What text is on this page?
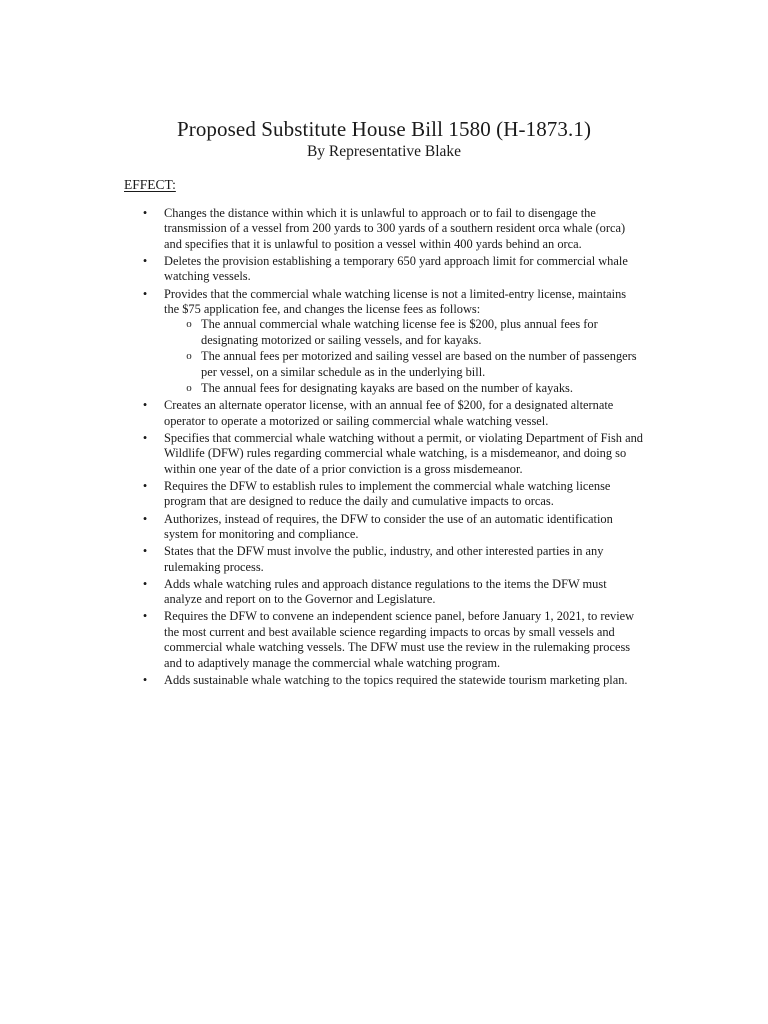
Proposed Substitute House Bill 1580 (H-1873.1)
By Representative Blake
EFFECT:
• Changes the distance within which it is unlawful to approach or to fail to disengage the transmission of a vessel from 200 yards to 300 yards of a southern resident orca whale (orca) and specifies that it is unlawful to position a vessel within 400 yards behind an orca.
• Deletes the provision establishing a temporary 650 yard approach limit for commercial whale watching vessels.
• Provides that the commercial whale watching license is not a limited-entry license, maintains the $75 application fee, and changes the license fees as follows:
o The annual commercial whale watching license fee is $200, plus annual fees for designating motorized or sailing vessels, and for kayaks.
o The annual fees per motorized and sailing vessel are based on the number of passengers per vessel, on a similar schedule as in the underlying bill.
o The annual fees for designating kayaks are based on the number of kayaks.
• Creates an alternate operator license, with an annual fee of $200, for a designated alternate operator to operate a motorized or sailing commercial whale watching vessel.
• Specifies that commercial whale watching without a permit, or violating Department of Fish and Wildlife (DFW) rules regarding commercial whale watching, is a misdemeanor, and doing so within one year of the date of a prior conviction is a gross misdemeanor.
• Requires the DFW to establish rules to implement the commercial whale watching license program that are designed to reduce the daily and cumulative impacts to orcas.
• Authorizes, instead of requires, the DFW to consider the use of an automatic identification system for monitoring and compliance.
• States that the DFW must involve the public, industry, and other interested parties in any rulemaking process.
• Adds whale watching rules and approach distance regulations to the items the DFW must analyze and report on to the Governor and Legislature.
• Requires the DFW to convene an independent science panel, before January 1, 2021, to review the most current and best available science regarding impacts to orcas by small vessels and commercial whale watching vessels. The DFW must use the review in the rulemaking process and to adaptively manage the commercial whale watching program.
• Adds sustainable whale watching to the topics required the statewide tourism marketing plan.
